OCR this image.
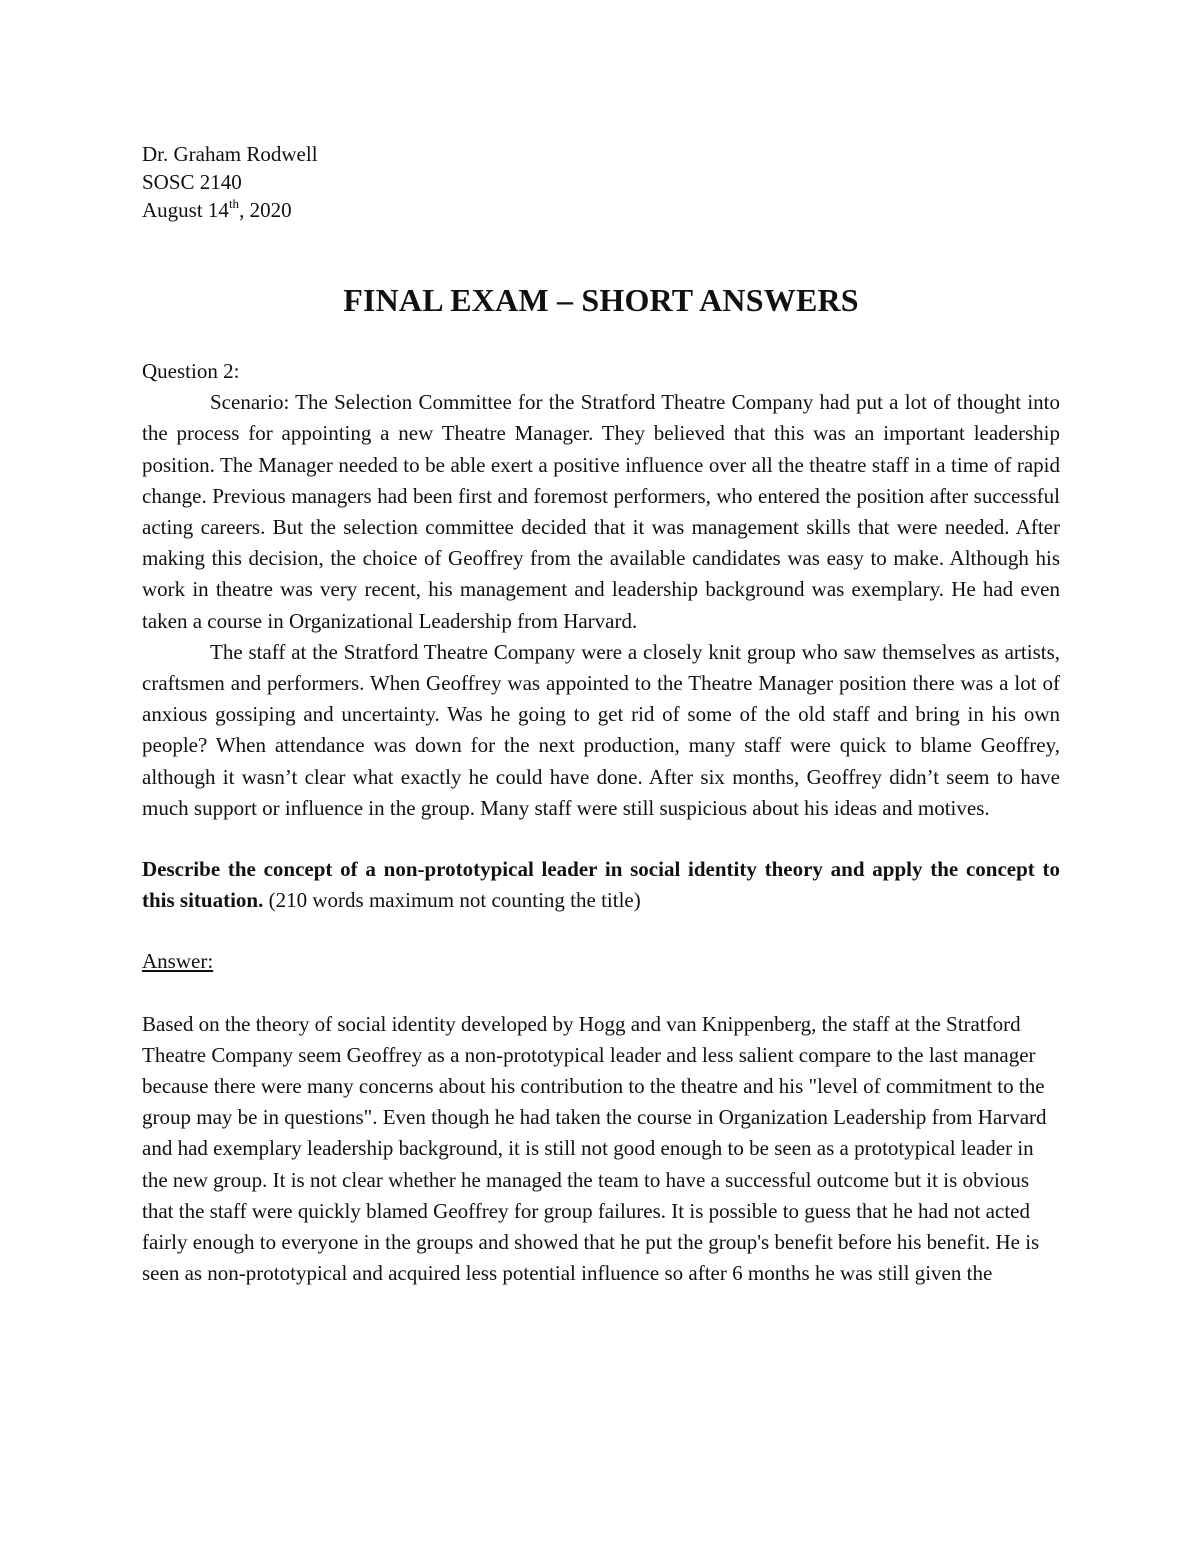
Dr. Graham Rodwell
SOSC 2140
August 14th, 2020
FINAL EXAM – SHORT ANSWERS
Question 2:

Scenario: The Selection Committee for the Stratford Theatre Company had put a lot of thought into the process for appointing a new Theatre Manager. They believed that this was an important leadership position. The Manager needed to be able exert a positive influence over all the theatre staff in a time of rapid change. Previous managers had been first and foremost performers, who entered the position after successful acting careers. But the selection committee decided that it was management skills that were needed. After making this decision, the choice of Geoffrey from the available candidates was easy to make. Although his work in theatre was very recent, his management and leadership background was exemplary. He had even taken a course in Organizational Leadership from Harvard.

The staff at the Stratford Theatre Company were a closely knit group who saw themselves as artists, craftsmen and performers. When Geoffrey was appointed to the Theatre Manager position there was a lot of anxious gossiping and uncertainty. Was he going to get rid of some of the old staff and bring in his own people? When attendance was down for the next production, many staff were quick to blame Geoffrey, although it wasn’t clear what exactly he could have done. After six months, Geoffrey didn’t seem to have much support or influence in the group. Many staff were still suspicious about his ideas and motives.

Describe the concept of a non-prototypical leader in social identity theory and apply the concept to this situation. (210 words maximum not counting the title)

Answer:

Based on the theory of social identity developed by Hogg and van Knippenberg, the staff at the Stratford Theatre Company seem Geoffrey as a non-prototypical leader and less salient compare to the last manager because there were many concerns about his contribution to the theatre and his "level of commitment to the group may be in questions". Even though he had taken the course in Organization Leadership from Harvard and had exemplary leadership background, it is still not good enough to be seen as a prototypical leader in the new group. It is not clear whether he managed the team to have a successful outcome but it is obvious that the staff were quickly blamed Geoffrey for group failures. It is possible to guess that he had not acted fairly enough to everyone in the groups and showed that he put the group's benefit before his benefit. He is seen as non-prototypical and acquired less potential influence so after 6 months he was still given the
